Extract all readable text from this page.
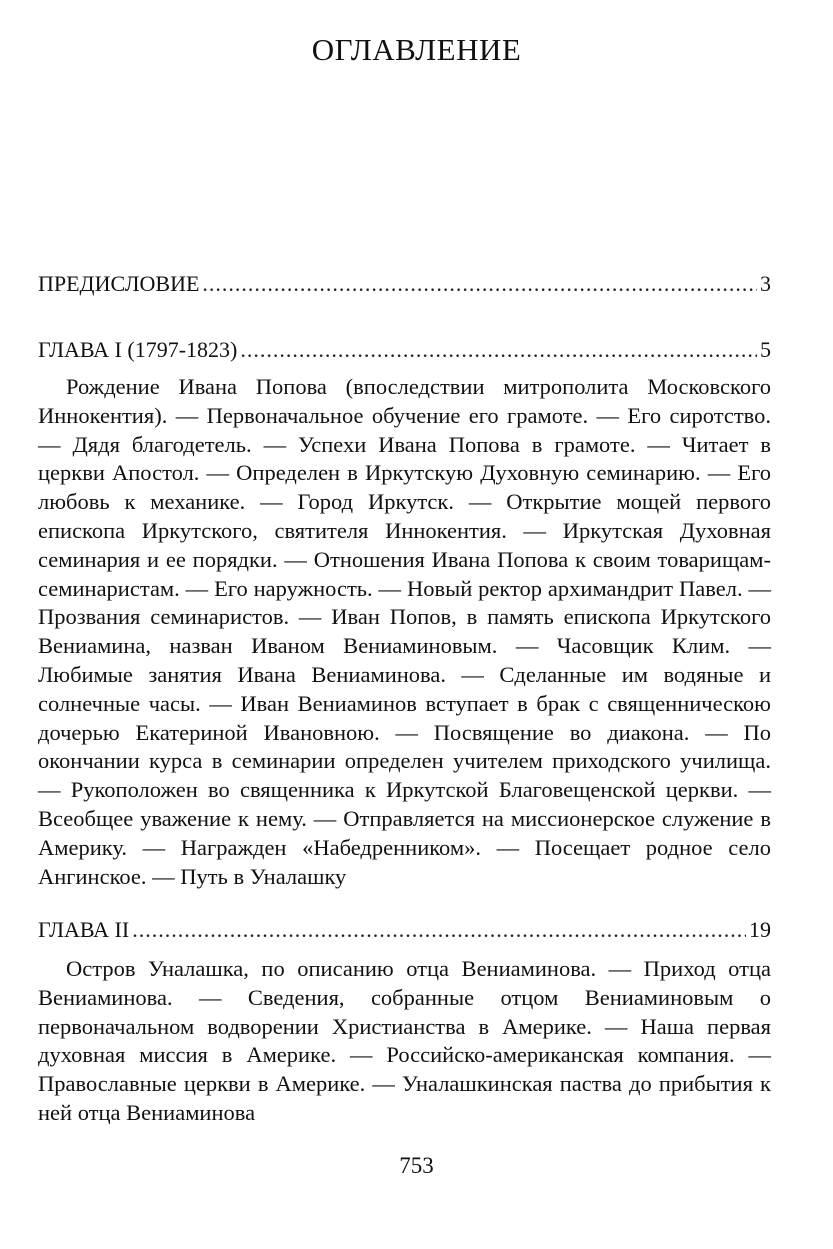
ОГЛАВЛЕНИЕ
ПРЕДИСЛОВИЕ .....	3
ГЛАВА I (1797-1823) .....	5
Рождение Ивана Попова (впоследствии митрополита Московского Иннокентия). — Первоначальное обучение его грамоте. — Его сиротство. — Дядя благодетель. — Успехи Ивана Попова в грамоте. — Читает в церкви Апостол. — Определен в Иркутскую Духовную семинарию. — Его любовь к механике. — Город Иркутск. — Открытие мощей первого епископа Иркутского, святителя Иннокентия. — Иркутская Духовная семинария и ее порядки. — Отношения Ивана Попова к своим товарищам-семинаристам. — Его наружность. — Новый ректор архимандрит Павел. — Прозвания семинаристов. — Иван Попов, в память епископа Иркутского Вениамина, назван Иваном Вениаминовым. — Часовщик Клим. — Любимые занятия Ивана Вениаминова. — Сделанные им водяные и солнечные часы. — Иван Вениаминов вступает в брак с священническою дочерью Екатериной Ивановною. — Посвящение во диакона. — По окончании курса в семинарии определен учителем приходского училища. — Рукоположен во священника к Иркутской Благовещенской церкви. — Всеобщее уважение к нему. — Отправляется на миссионерское служение в Америку. — Награжден «Набедренником». — Посещает родное село Ангинское. — Путь в Уналашку
ГЛАВА II .....	19
Остров Уналашка, по описанию отца Вениаминова. — Приход отца Вениаминова. — Сведения, собранные отцом Вениаминовым о первоначальном водворении Христианства в Америке. — Наша первая духовная миссия в Америке. — Российско-американская компания. — Православные церкви в Америке. — Уналашкинская паства до прибытия к ней отца Вениаминова
753
